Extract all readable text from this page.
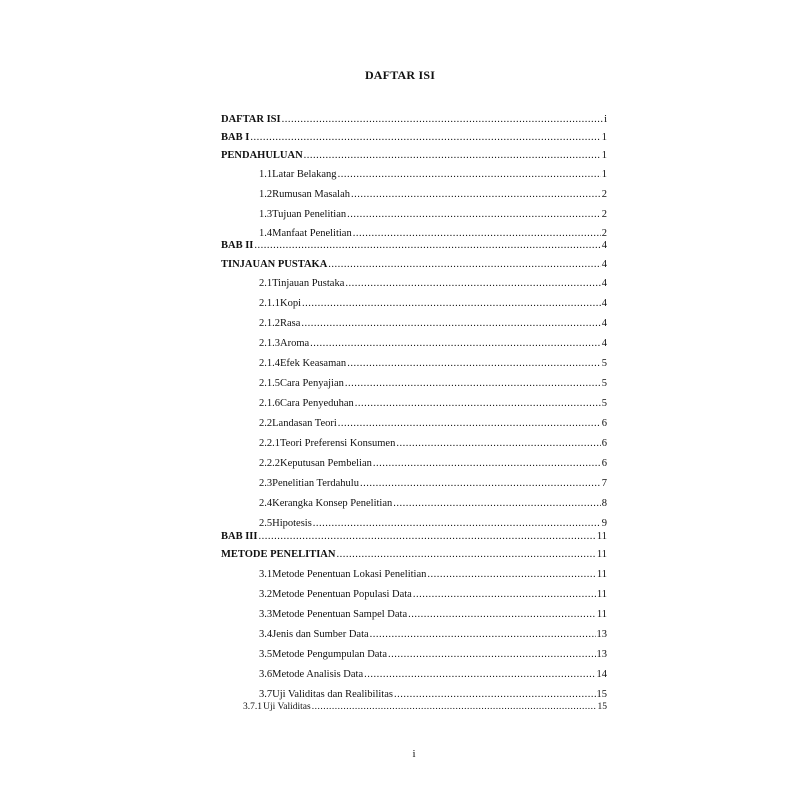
DAFTAR ISI
DAFTAR ISI .....	i
BAB I .....	1
PENDAHULUAN .....	1
1.1 Latar Belakang .....	1
1.2 Rumusan Masalah .....	2
1.3 Tujuan Penelitian .....	2
1.4 Manfaat Penelitian .....	2
BAB II .....	4
TINJAUAN PUSTAKA .....	4
2.1 Tinjauan Pustaka .....	4
2.1.1 Kopi .....	4
2.1.2 Rasa .....	4
2.1.3 Aroma .....	4
2.1.4 Efek Keasaman .....	5
2.1.5 Cara Penyajian .....	5
2.1.6 Cara Penyeduhan .....	5
2.2 Landasan Teori .....	6
2.2.1 Teori Preferensi Konsumen .....	6
2.2.2 Keputusan Pembelian .....	6
2.3 Penelitian Terdahulu .....	7
2.4 Kerangka Konsep Penelitian .....	8
2.5 Hipotesis .....	9
BAB III .....	11
METODE PENELITIAN .....	11
3.1 Metode Penentuan Lokasi Penelitian .....	11
3.2 Metode Penentuan Populasi Data .....	11
3.3 Metode Penentuan Sampel Data .....	11
3.4 Jenis dan Sumber Data .....	13
3.5 Metode Pengumpulan Data .....	13
3.6 Metode Analisis Data .....	14
3.7 Uji Validitas dan Realibilitas .....	15
3.7.1 Uji Validitas .....	15
i
